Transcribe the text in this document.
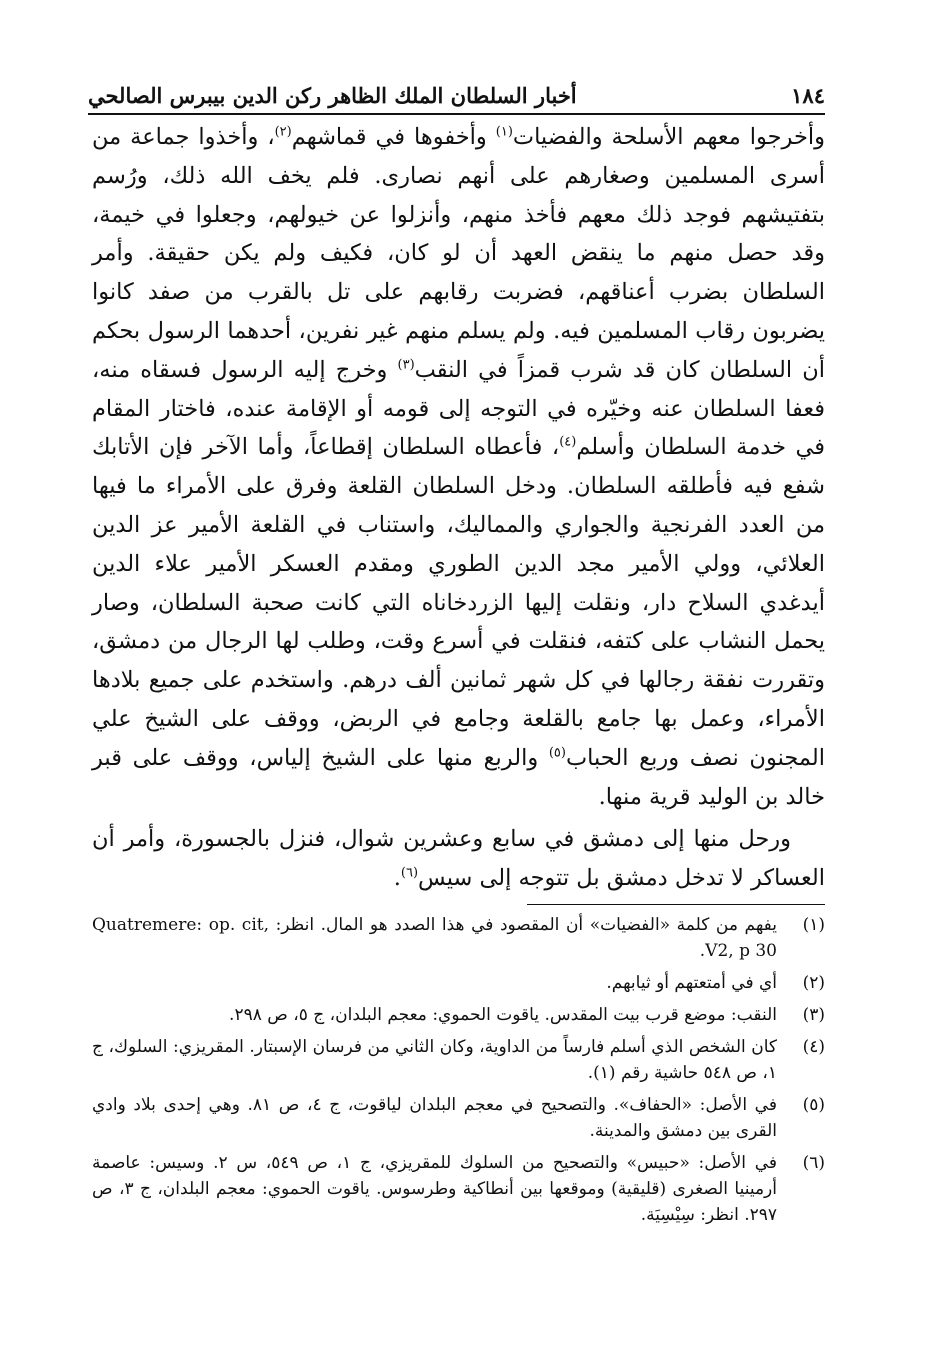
١٨٤
أخبار السلطان الملك الظاهر ركن الدين بيبرس الصالحي

وأخرجوا معهم الأسلحة والفضيات$^{(١)}$ وأخفوها في قماشهم$^{(٢)}$، وأخذوا جماعة من أسرى المسلمين وصغارهم على أنهم نصارى. فلم يخف الله ذلك، ورُسم بتفتيشهم فوجد ذلك معهم فأخذ منهم، وأنزلوا عن خيولهم، وجعلوا في خيمة، وقد حصل منهم ما ينقض العهد أن لو كان، فكيف ولم يكن حقيقة. وأمر السلطان بضرب أعناقهم، فضربت رقابهم على تل بالقرب من صفد كانوا يضربون رقاب المسلمين فيه. ولم يسلم منهم غير نفرين، أحدهما الرسول بحكم أن السلطان كان قد شرب قمزاً في النقب$^{(٣)}$ وخرج إليه الرسول فسقاه منه، فعفا السلطان عنه وخيّره في التوجه إلى قومه أو الإقامة عنده، فاختار المقام في خدمة السلطان وأسلم$^{(٤)}$، فأعطاه السلطان إقطاعاً، وأما الآخر فإن الأتابك شفع فيه فأطلقه السلطان. ودخل السلطان القلعة وفرق على الأمراء ما فيها من العدد الفرنجية والجواري والمماليك، واستناب في القلعة الأمير عز الدين العلائي، وولي الأمير مجد الدين الطوري ومقدم العسكر الأمير علاء الدين أيدغدي السلاح دار، ونقلت إليها الزردخاناه التي كانت صحبة السلطان، وصار يحمل النشاب على كتفه، فنقلت في أسرع وقت، وطلب لها الرجال من دمشق، وتقررت نفقة رجالها في كل شهر ثمانين ألف درهم. واستخدم على جميع بلادها الأمراء، وعمل بها جامع بالقلعة وجامع في الربض، ووقف على الشيخ علي المجنون نصف وربع الحباب$^{(٥)}$ والربع منها على الشيخ إلياس، ووقف على قبر خالد بن الوليد قرية منها.

ورحل منها إلى دمشق في سابع وعشرين شوال، فنزل بالجسورة، وأمر أن العساكر لا تدخل دمشق بل تتوجه إلى سيس$^{(٦)}$.

(١)
يفهم من كلمة «الفضيات» أن المقصود في هذا الصدد هو المال. انظر: Quatremere: op. cit, V2, p 30.
(٢)
أي في أمتعتهم أو ثيابهم.
(٣)
النقب: موضع قرب بيت المقدس. ياقوت الحموي: معجم البلدان، ج ٥، ص ٢٩٨.
(٤)
كان الشخص الذي أسلم فارساً من الداوية، وكان الثاني من فرسان الإسبتار. المقريزي: السلوك، ج ١، ص ٥٤٨ حاشية رقم (١).
(٥)
في الأصل: «الحفاف». والتصحيح في معجم البلدان لياقوت، ج ٤، ص ٨١. وهي إحدى بلاد وادي القرى بين دمشق والمدينة.
(٦)
في الأصل: «حبيس» والتصحيح من السلوك للمقريزي، ج ١، ص ٥٤٩، س ٢. وسيس: عاصمة أرمينيا الصغرى (قليقية) وموقعها بين أنطاكية وطرسوس. ياقوت الحموي: معجم البلدان، ج ٣، ص ٢٩٧. انظر: سِيْسِيَة.
